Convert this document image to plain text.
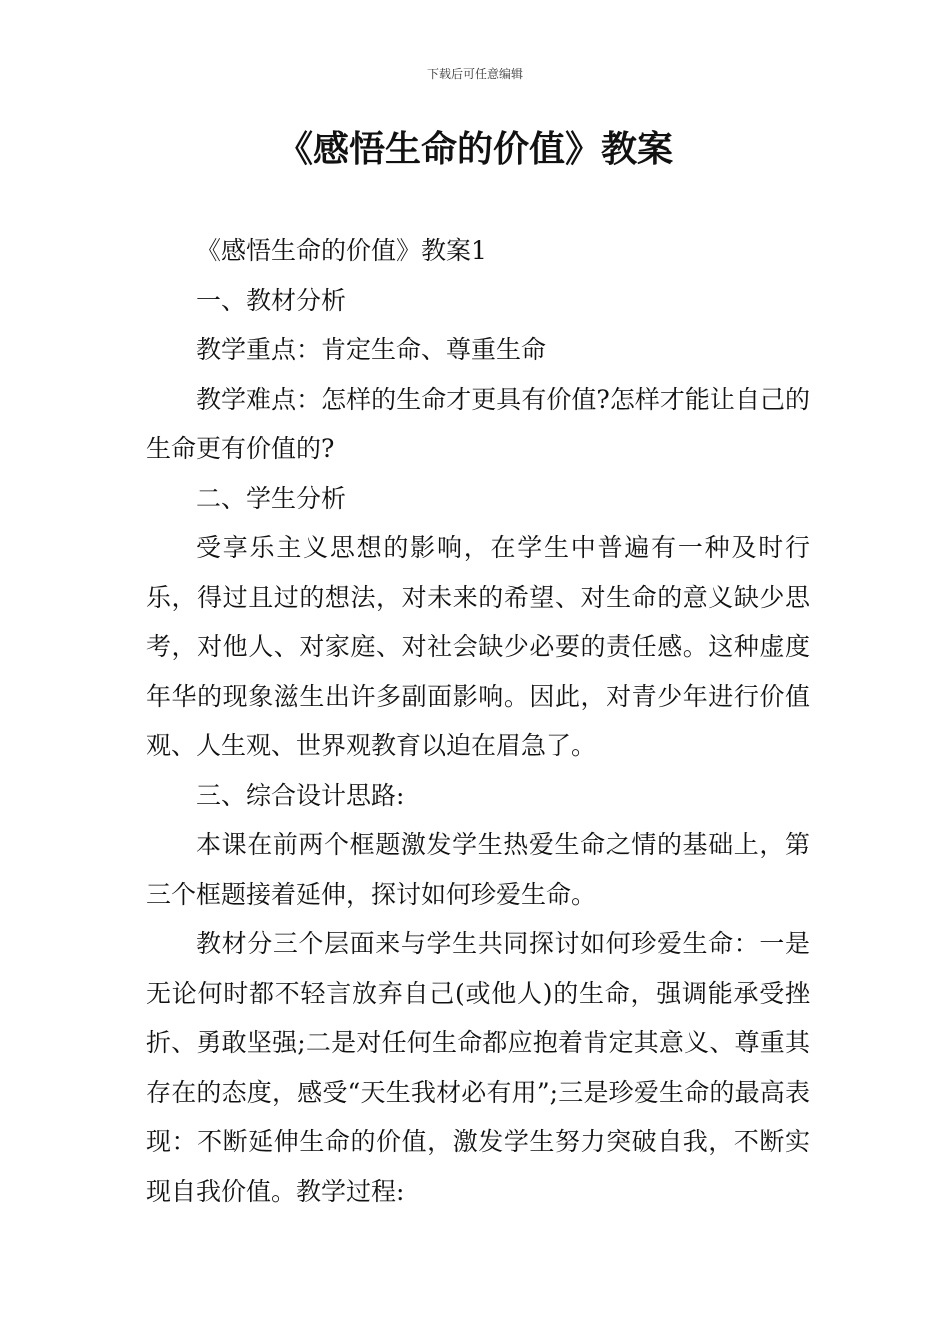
下载后可任意编辑
《感悟生命的价值》教案

《感悟生命的价值》教案1

一、教材分析

教学重点：肯定生命、尊重生命

教学难点：怎样的生命才更具有价值?怎样才能让自己的生命更有价值的?

二、学生分析

受享乐主义思想的影响，在学生中普遍有一种及时行乐，得过且过的想法，对未来的希望、对生命的意义缺少思考，对他人、对家庭、对社会缺少必要的责任感。这种虚度年华的现象滋生出许多副面影响。因此，对青少年进行价值观、人生观、世界观教育以迫在眉急了。

三、综合设计思路:

本课在前两个框题激发学生热爱生命之情的基础上，第三个框题接着延伸，探讨如何珍爱生命。

教材分三个层面来与学生共同探讨如何珍爱生命：一是无论何时都不轻言放弃自己(或他人)的生命，强调能承受挫折、勇敢坚强;二是对任何生命都应抱着肯定其意义、尊重其存在的态度，感受“天生我材必有用”;三是珍爱生命的最高表现：不断延伸生命的价值，激发学生努力突破自我，不断实现自我价值。教学过程:
